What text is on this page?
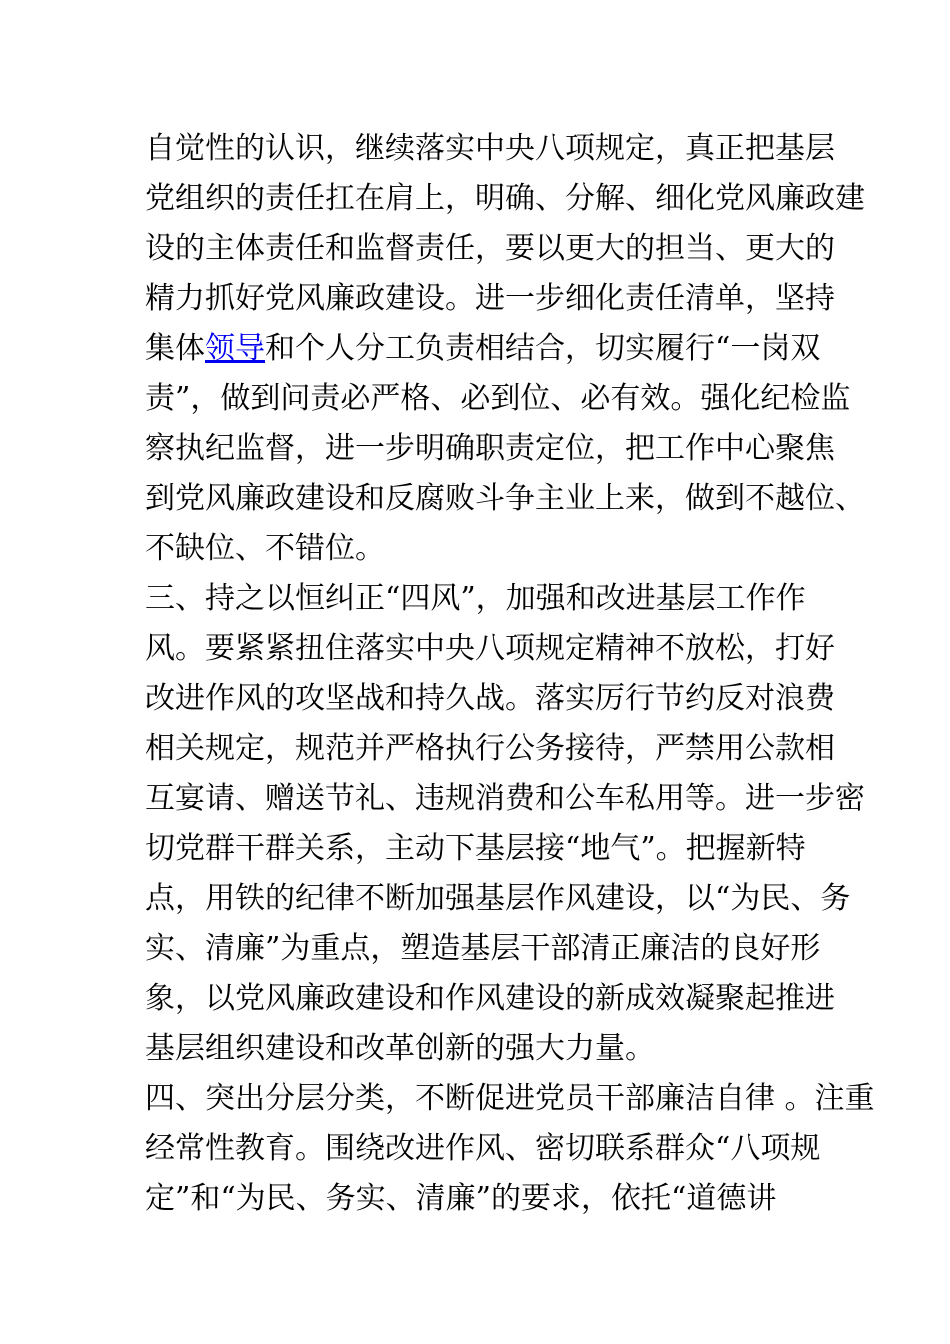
自觉性的认识，继续落实中央八项规定，真正把基层
党组织的责任扛在肩上，明确、分解、细化党风廉政建
设的主体责任和监督责任，要以更大的担当、更大的
精力抓好党风廉政建设。进一步细化责任清单，坚持
集体领导和个人分工负责相结合，切实履行“一岗双
责”，做到问责必严格、必到位、必有效。强化纪检监
察执纪监督，进一步明确职责定位，把工作中心聚焦
到党风廉政建设和反腐败斗争主业上来，做到不越位、
不缺位、不错位。
三、持之以恒纠正“四风”，加强和改进基层工作作
风。要紧紧扭住落实中央八项规定精神不放松，打好
改进作风的攻坚战和持久战。落实厉行节约反对浪费
相关规定，规范并严格执行公务接待，严禁用公款相
互宴请、赠送节礼、违规消费和公车私用等。进一步密
切党群干群关系，主动下基层接“地气”。把握新特
点，用铁的纪律不断加强基层作风建设，以“为民、务
实、清廉”为重点，塑造基层干部清正廉洁的良好形
象，以党风廉政建设和作风建设的新成效凝聚起推进
基层组织建设和改革创新的强大力量。
四、突出分层分类，不断促进党员干部廉洁自律 。注重
经常性教育。围绕改进作风、密切联系群众“八项规
定”和“为民、务实、清廉”的要求，依托“道德讲
